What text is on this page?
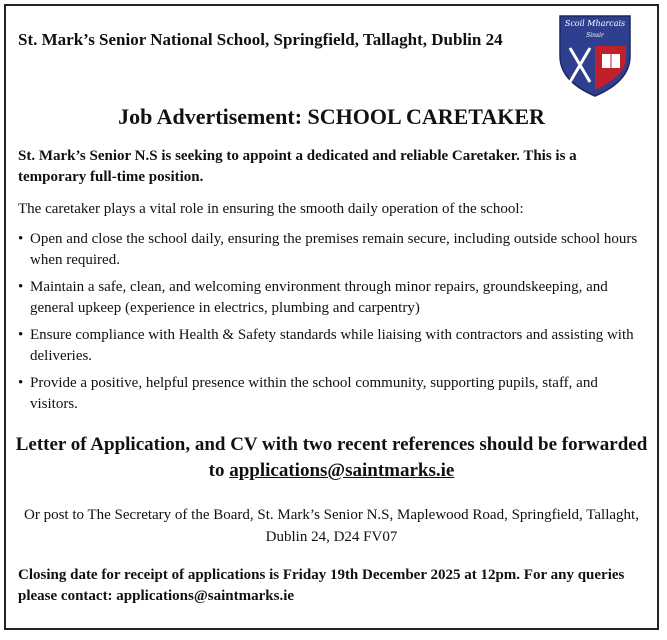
St. Mark’s Senior National School, Springfield, Tallaght, Dublin 24
Scoil Mharcais
Sinsir
Job Advertisement: SCHOOL CARETAKER
St. Mark’s Senior N.S is seeking to appoint a dedicated and reliable Caretaker. This is a temporary full-time position.
The caretaker plays a vital role in ensuring the smooth daily operation of the school:
• Open and close the school daily, ensuring the premises remain secure, including outside school hours when required.
• Maintain a safe, clean, and welcoming environment through minor repairs, groundskeeping, and general upkeep (experience in electrics, plumbing and carpentry)
• Ensure compliance with Health & Safety standards while liaising with contractors and assisting with deliveries.
• Provide a positive, helpful presence within the school community, supporting pupils, staff, and visitors.
Letter of Application, and CV with two recent references should be forwarded to applications@saintmarks.ie
Or post to The Secretary of the Board, St. Mark’s Senior N.S, Maplewood Road, Springfield, Tallaght, Dublin 24, D24 FV07
Closing date for receipt of applications is Friday 19th December 2025 at 12pm. For any queries please contact: applications@saintmarks.ie
